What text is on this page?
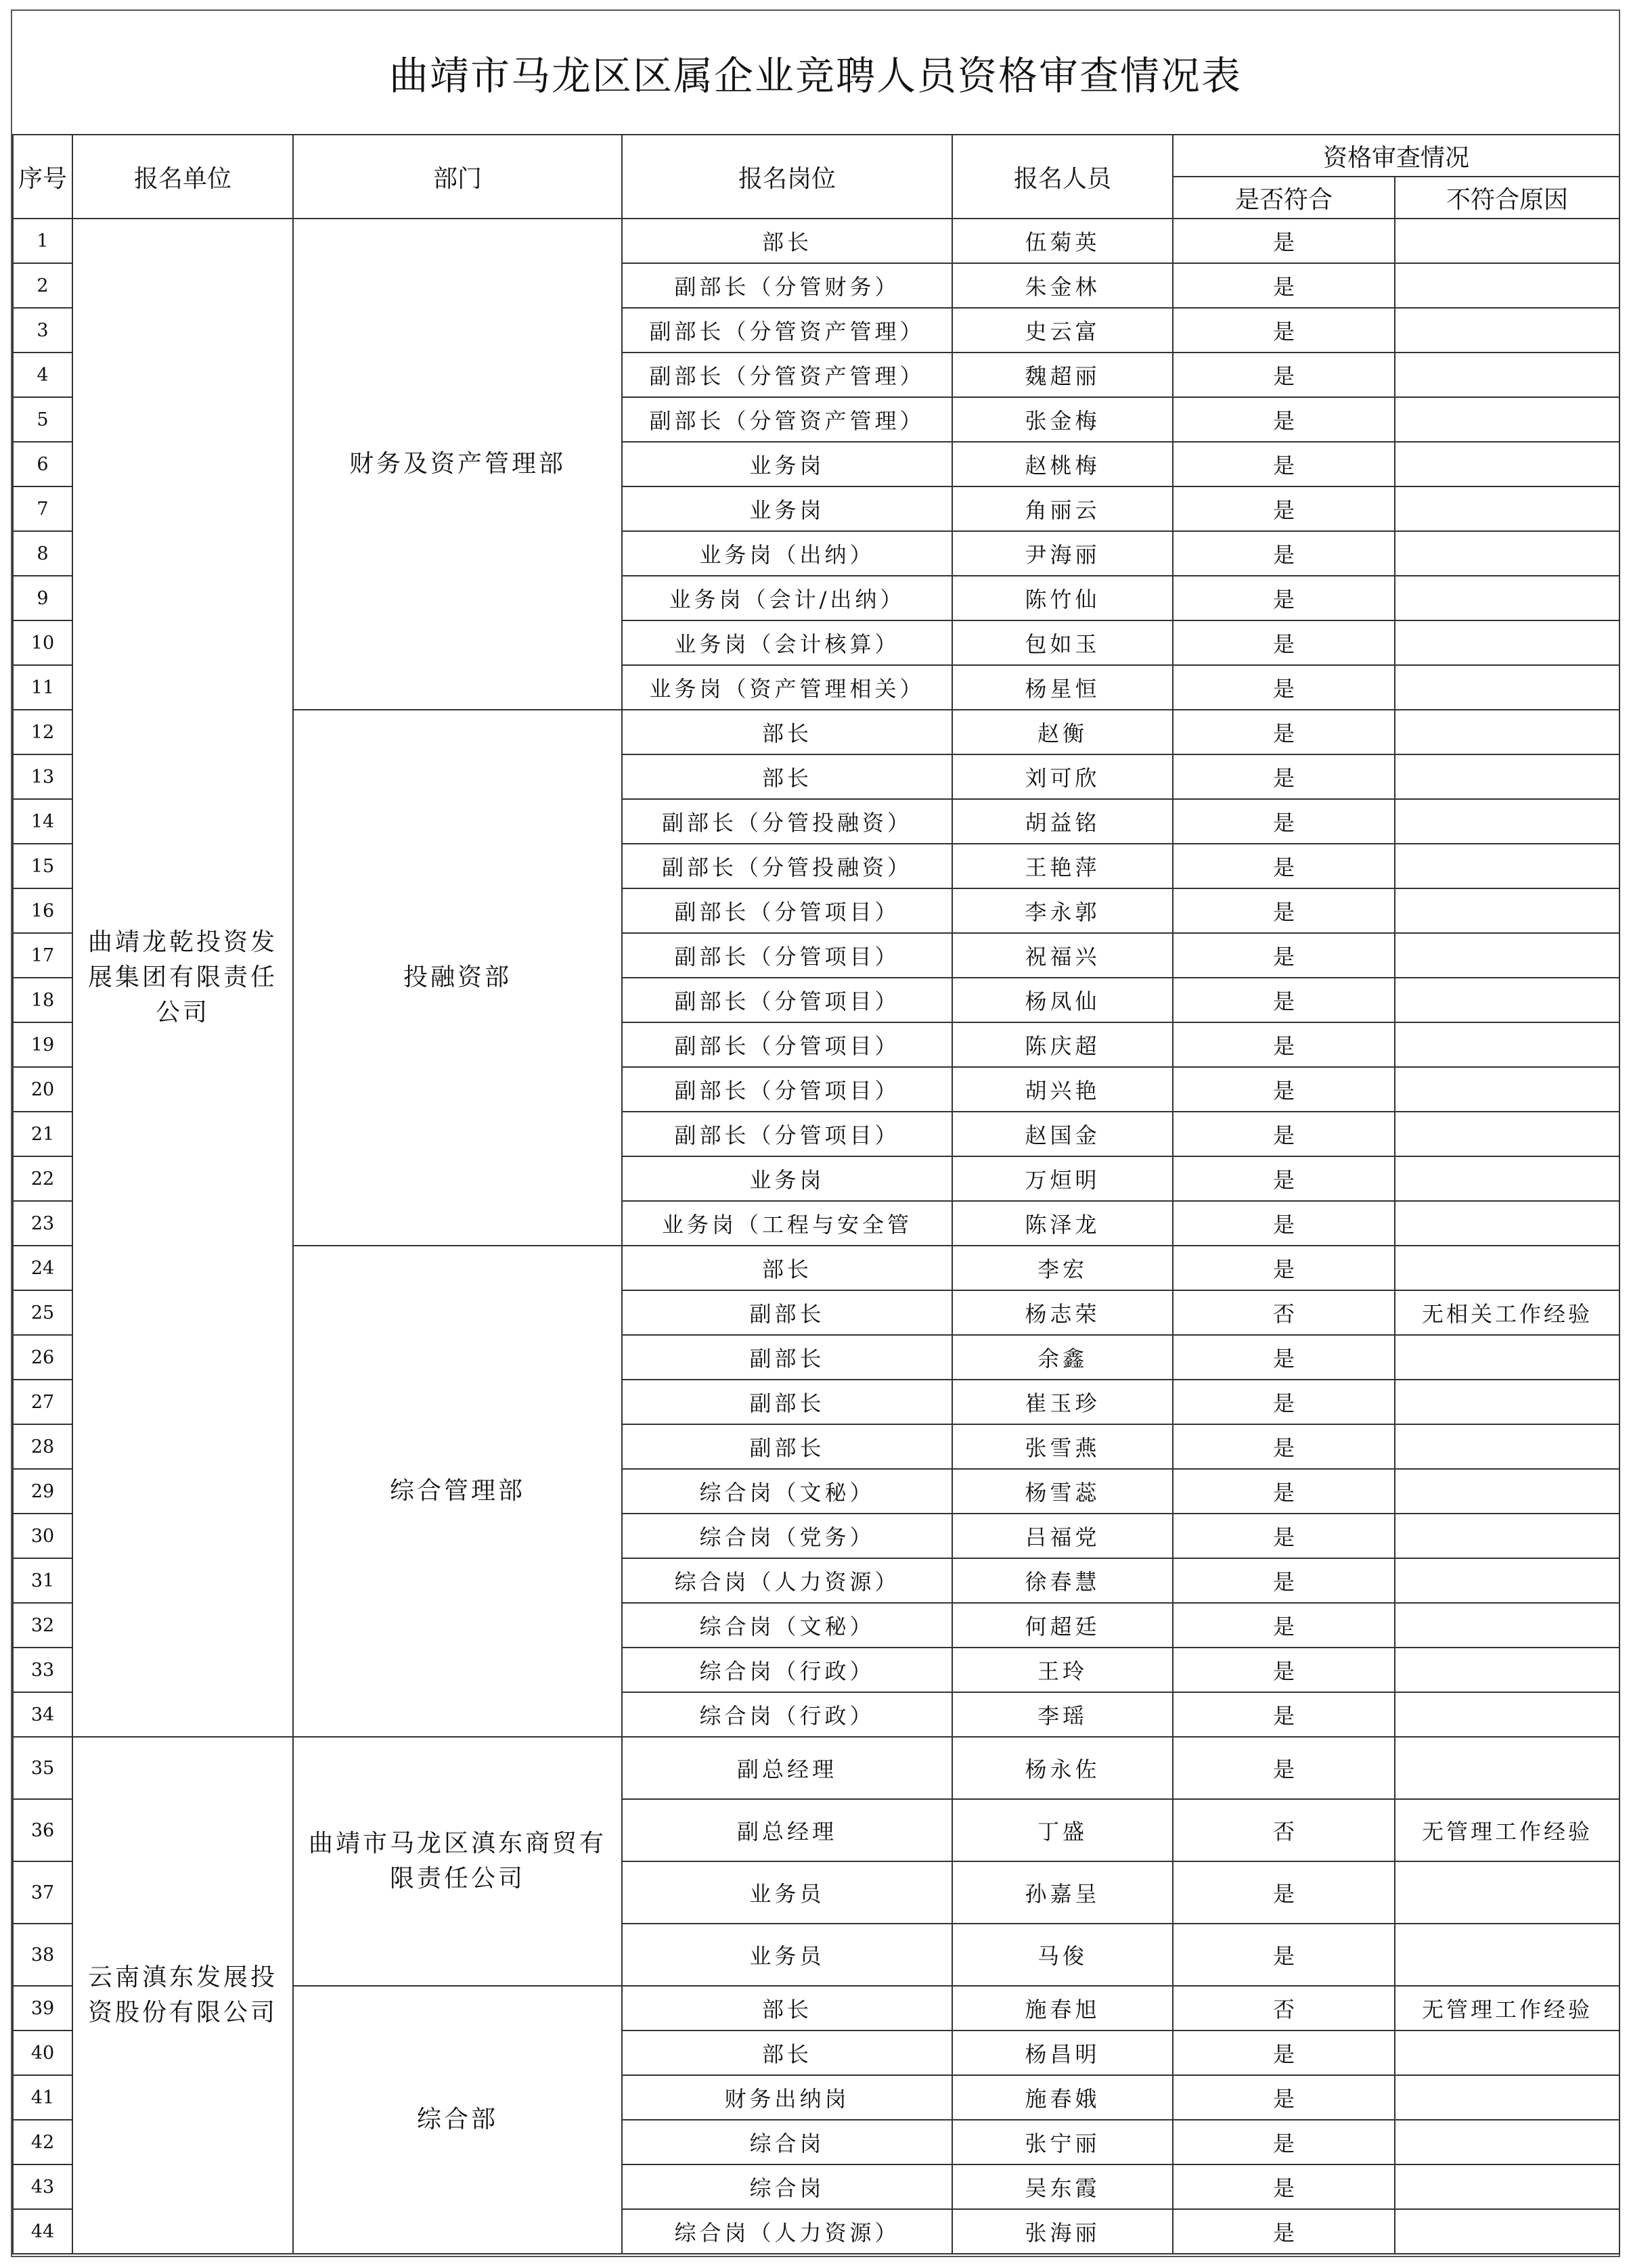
曲靖市马龙区区属企业竞聘人员资格审查情况表
序号	报名单位	部门	报名岗位	报名人员	资格审查情况	
					是否符合	不符合原因
1	曲靖龙乾投资发展集团有限责任公司	财务及资产管理部	部长	伍菊英	是	
2			副部长（分管财务）	朱金林	是	
3			副部长（分管资产管理）	史云富	是	
4			副部长（分管资产管理）	魏超丽	是	
5			副部长（分管资产管理）	张金梅	是	
6			业务岗	赵桃梅	是	
7			业务岗	角丽云	是	
8			业务岗（出纳）	尹海丽	是	
9			业务岗（会计/出纳）	陈竹仙	是	
10			业务岗（会计核算）	包如玉	是	
11			业务岗（资产管理相关）	杨星恒	是	
12		投融资部	部长	赵衡	是	
13			部长	刘可欣	是	
14			副部长（分管投融资）	胡益铭	是	
15			副部长（分管投融资）	王艳萍	是	
16			副部长（分管项目）	李永郭	是	
17			副部长（分管项目）	祝福兴	是	
18			副部长（分管项目）	杨凤仙	是	
19			副部长（分管项目）	陈庆超	是	
20			副部长（分管项目）	胡兴艳	是	
21			副部长（分管项目）	赵国金	是	
22			业务岗	万烜明	是	
23			业务岗（工程与安全管	陈泽龙	是	
24		综合管理部	部长	李宏	是	
25			副部长	杨志荣	否	无相关工作经验
26			副部长	余鑫	是	
27			副部长	崔玉珍	是	
28			副部长	张雪燕	是	
29			综合岗（文秘）	杨雪蕊	是	
30			综合岗（党务）	吕福党	是	
31			综合岗（人力资源）	徐春慧	是	
32			综合岗（文秘）	何超廷	是	
33			综合岗（行政）	王玲	是	
34			综合岗（行政）	李瑶	是	
35	云南滇东发展投资股份有限公司	曲靖市马龙区滇东商贸有限责任公司	副总经理	杨永佐	是	
36			副总经理	丁盛	否	无管理工作经验
37			业务员	孙嘉呈	是	
38			业务员	马俊	是	
39		综合部	部长	施春旭	否	无管理工作经验
40			部长	杨昌明	是	
41			财务出纳岗	施春娥	是	
42			综合岗	张宁丽	是	
43			综合岗	吴东霞	是	
44			综合岗（人力资源）	张海丽	是	
